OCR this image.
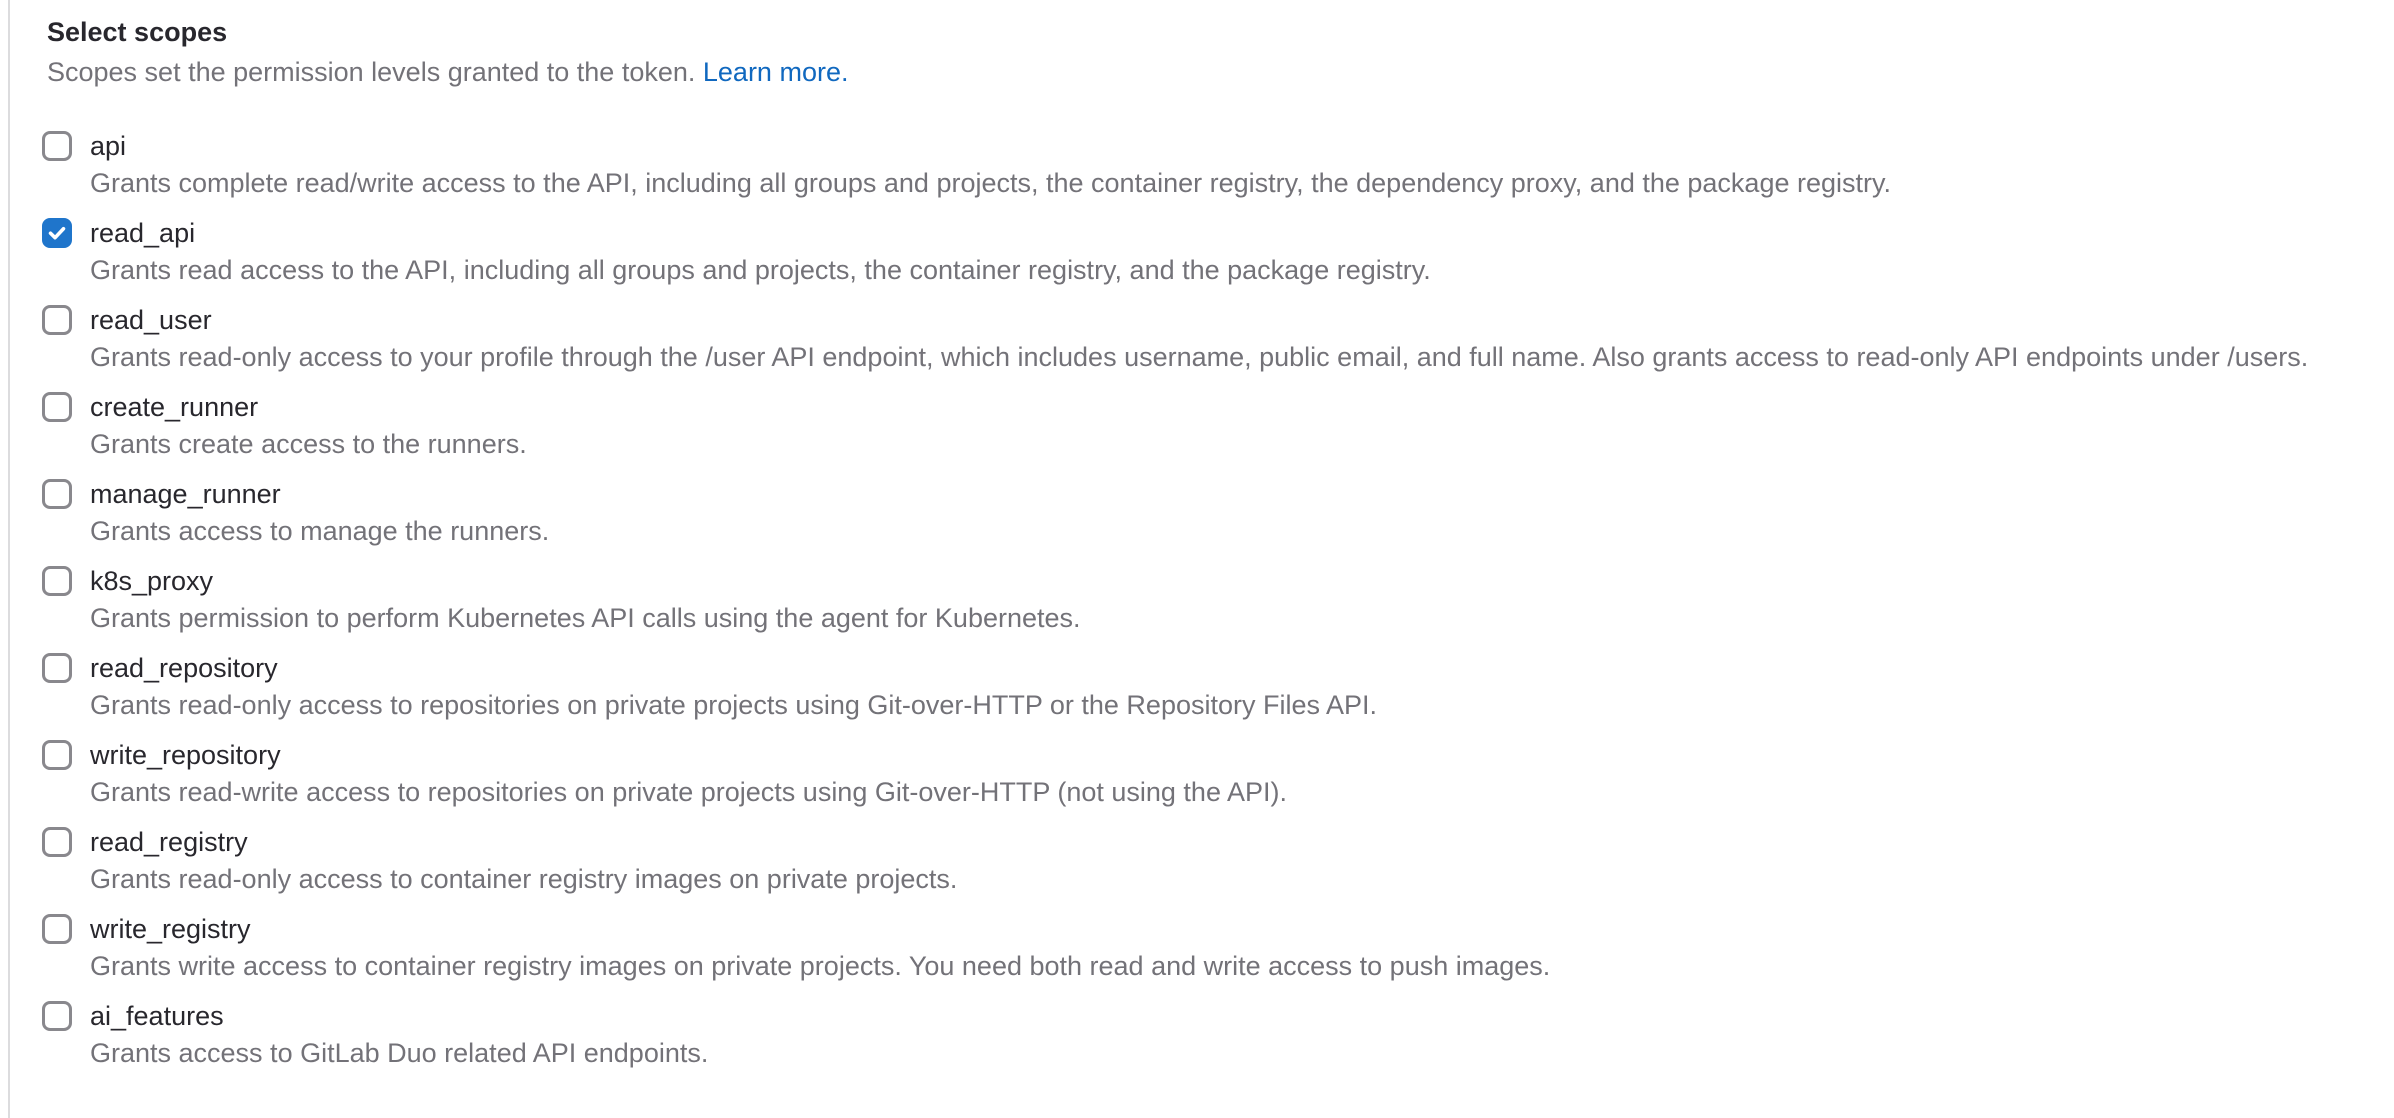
Select scopes

Scopes set the permission levels granted to the token. Learn more.

api
Grants complete read/write access to the API, including all groups and projects, the container registry, the dependency proxy, and the package registry.
read_api
Grants read access to the API, including all groups and projects, the container registry, and the package registry.
read_user
Grants read-only access to your profile through the /user API endpoint, which includes username, public email, and full name. Also grants access to read-only API endpoints under /users.
create_runner
Grants create access to the runners.
manage_runner
Grants access to manage the runners.
k8s_proxy
Grants permission to perform Kubernetes API calls using the agent for Kubernetes.
read_repository
Grants read-only access to repositories on private projects using Git-over-HTTP or the Repository Files API.
write_repository
Grants read-write access to repositories on private projects using Git-over-HTTP (not using the API).
read_registry
Grants read-only access to container registry images on private projects.
write_registry
Grants write access to container registry images on private projects. You need both read and write access to push images.
ai_features
Grants access to GitLab Duo related API endpoints.
